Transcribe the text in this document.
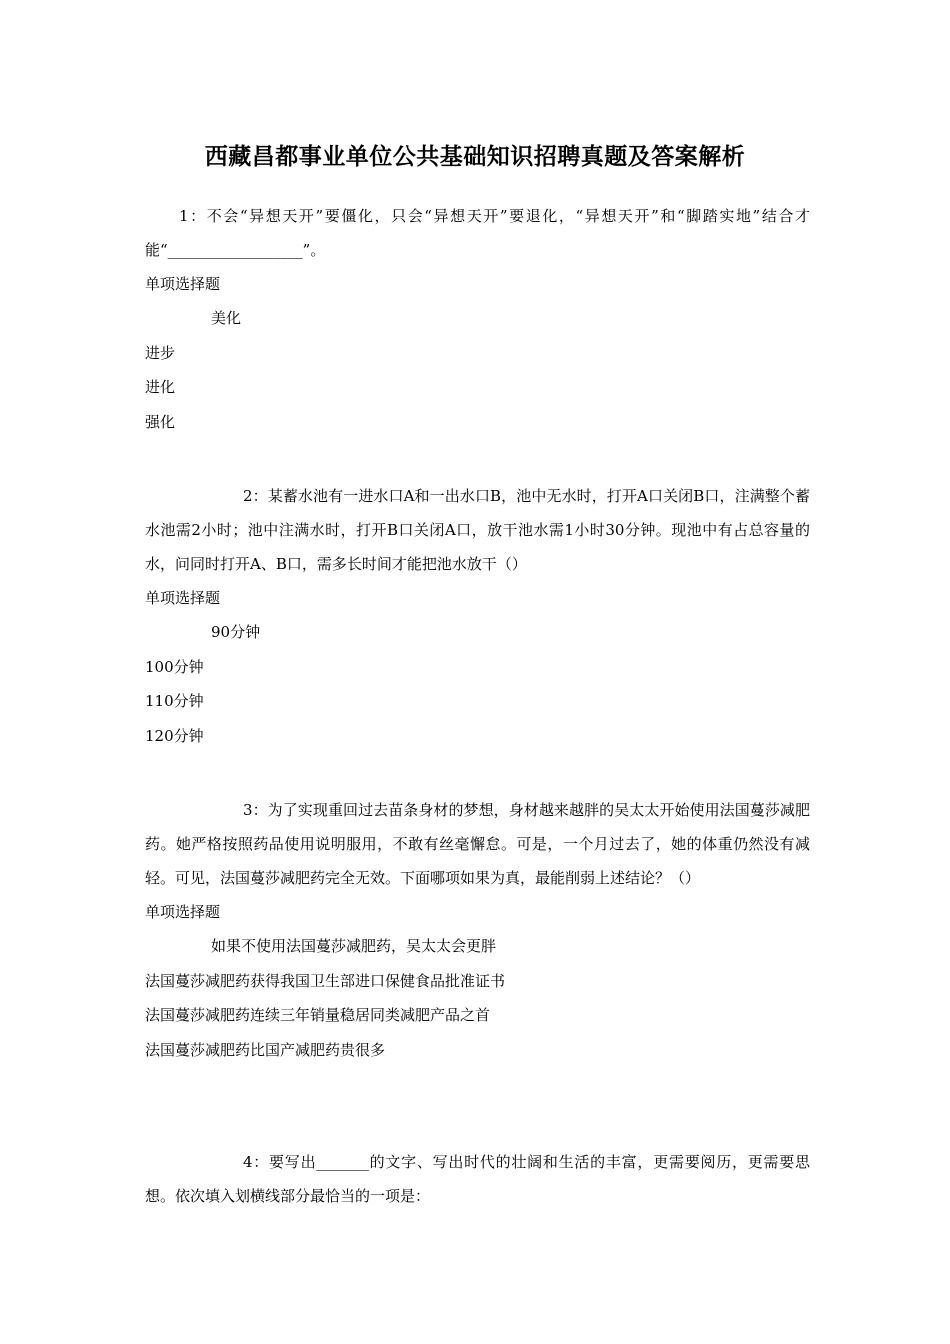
西藏昌都事业单位公共基础知识招聘真题及答案解析

1：不会“异想天开”要僵化，只会“异想天开”要退化，“异想天开”和“脚踏实地”结合才能“__________________”。

单项选择题

美化

进步

进化

强化

2：某蓄水池有一进水口A和一出水口B，池中无水时，打开A口关闭B口，注满整个蓄水池需2小时；池中注满水时，打开B口关闭A口，放干池水需1小时30分钟。现池中有占总容量的水，问同时打开A、B口，需多长时间才能把池水放干（）

单项选择题

90分钟

100分钟

110分钟

120分钟

3：为了实现重回过去苗条身材的梦想，身材越来越胖的吴太太开始使用法国蔓莎减肥药。她严格按照药品使用说明服用，不敢有丝毫懈怠。可是，一个月过去了，她的体重仍然没有减轻。可见，法国蔓莎减肥药完全无效。下面哪项如果为真，最能削弱上述结论？（）

单项选择题

如果不使用法国蔓莎减肥药，吴太太会更胖

法国蔓莎减肥药获得我国卫生部进口保健食品批准证书

法国蔓莎减肥药连续三年销量稳居同类减肥产品之首

法国蔓莎减肥药比国产减肥药贵很多

4：要写出_______的文字、写出时代的壮阔和生活的丰富，更需要阅历，更需要思想。依次填入划横线部分最恰当的一项是：
